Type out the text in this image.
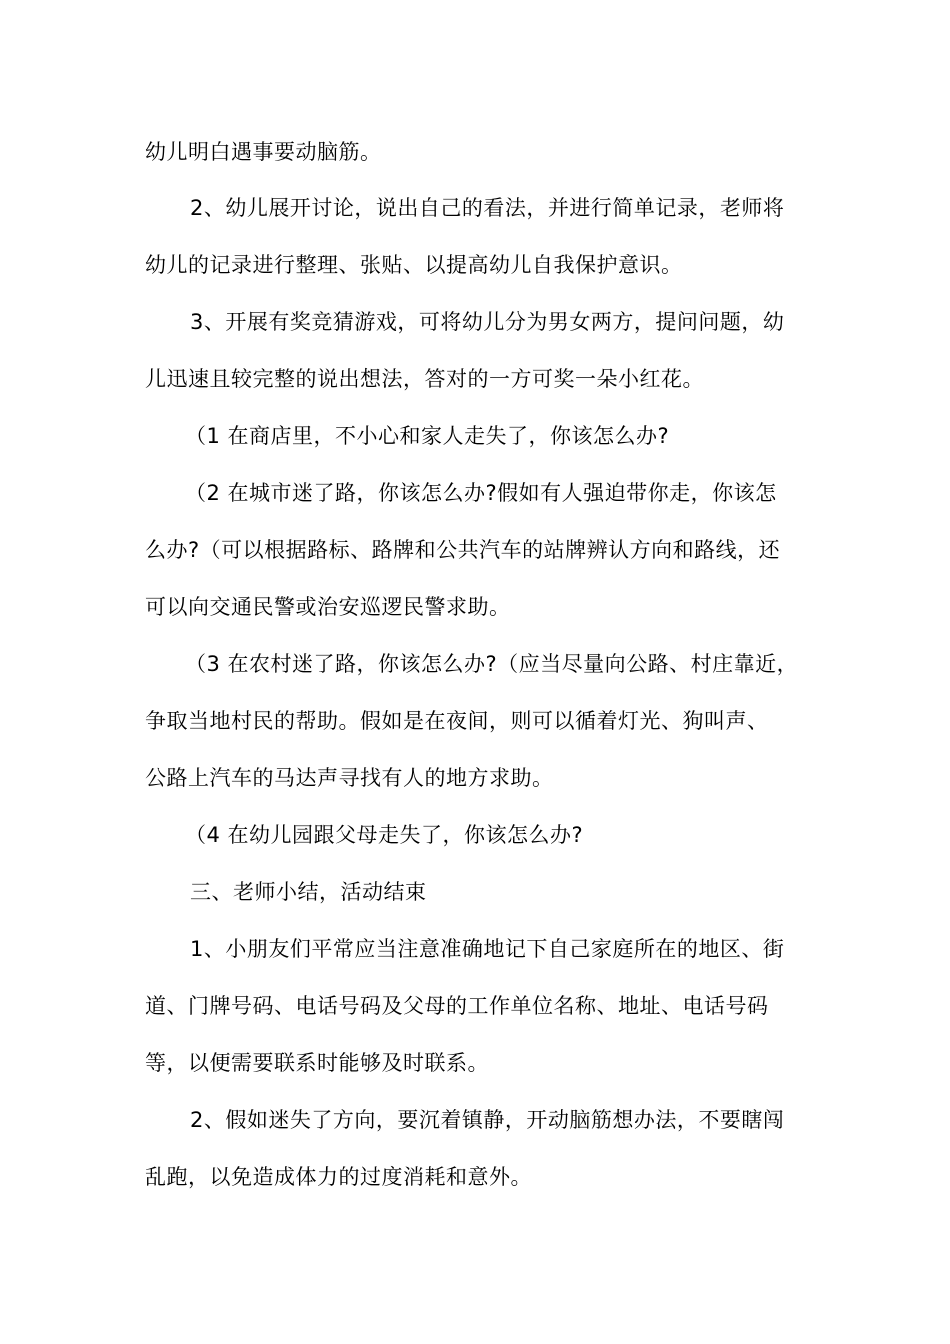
幼儿明白遇事要动脑筋。
2、幼儿展开讨论，说出自己的看法，并进行简单记录，老师将
幼儿的记录进行整理、张贴、以提高幼儿自我保护意识。
3、开展有奖竞猜游戏，可将幼儿分为男女两方，提问问题，幼
儿迅速且较完整的说出想法，答对的一方可奖一朵小红花。
（1 在商店里，不小心和家人走失了，你该怎么办?
（2 在城市迷了路，你该怎么办?假如有人强迫带你走，你该怎
么办?（可以根据路标、路牌和公共汽车的站牌辨认方向和路线，还
可以向交通民警或治安巡逻民警求助。
（3 在农村迷了路，你该怎么办?（应当尽量向公路、村庄靠近，
争取当地村民的帮助。假如是在夜间，则可以循着灯光、狗叫声、
公路上汽车的马达声寻找有人的地方求助。
（4 在幼儿园跟父母走失了，你该怎么办?
三、老师小结，活动结束
1、小朋友们平常应当注意准确地记下自己家庭所在的地区、街
道、门牌号码、电话号码及父母的工作单位名称、地址、电话号码
等，以便需要联系时能够及时联系。
2、假如迷失了方向，要沉着镇静，开动脑筋想办法，不要瞎闯
乱跑，以免造成体力的过度消耗和意外。
